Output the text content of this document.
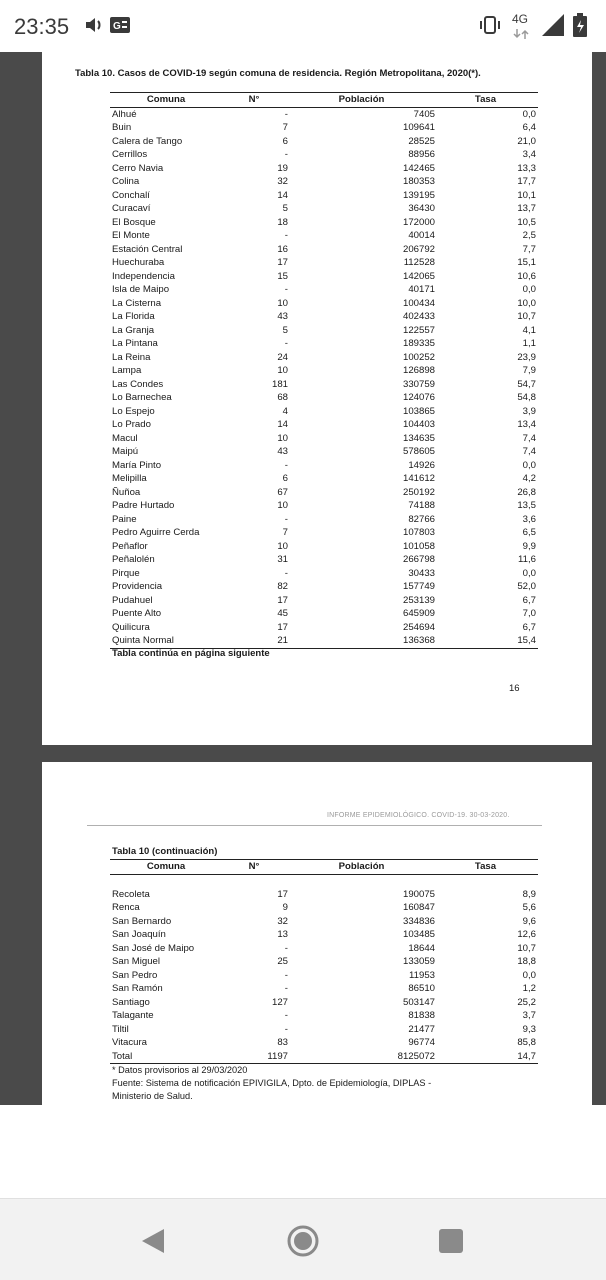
23:35	G
4G
Tabla 10. Casos de COVID-19 según comuna de residencia. Región Metropolitana, 2020(*).
Comuna	N°	Población	Tasa
Alhué	-	7405	0,0
Buin	7	109641	6,4
Calera de Tango	6	28525	21,0
Cerrillos	-	88956	3,4
Cerro Navia	19	142465	13,3
Colina	32	180353	17,7
Conchalí	14	139195	10,1
Curacaví	5	36430	13,7
El Bosque	18	172000	10,5
El Monte	-	40014	2,5
Estación Central	16	206792	7,7
Huechuraba	17	112528	15,1
Independencia	15	142065	10,6
Isla de Maipo	-	40171	0,0
La Cisterna	10	100434	10,0
La Florida	43	402433	10,7
La Granja	5	122557	4,1
La Pintana	-	189335	1,1
La Reina	24	100252	23,9
Lampa	10	126898	7,9
Las Condes	181	330759	54,7
Lo Barnechea	68	124076	54,8
Lo Espejo	4	103865	3,9
Lo Prado	14	104403	13,4
Macul	10	134635	7,4
Maipú	43	578605	7,4
María Pinto	-	14926	0,0
Melipilla	6	141612	4,2
Ñuñoa	67	250192	26,8
Padre Hurtado	10	74188	13,5
Paine	-	82766	3,6
Pedro Aguirre Cerda	7	107803	6,5
Peñaflor	10	101058	9,9
Peñalolén	31	266798	11,6
Pirque	-	30433	0,0
Providencia	82	157749	52,0
Pudahuel	17	253139	6,7
Puente Alto	45	645909	7,0
Quilicura	17	254694	6,7
Quinta Normal	21	136368	15,4
Tabla continúa en página siguiente
16
INFORME EPIDEMIOLÓGICO. COVID-19. 30-03-2020.
Tabla 10 (continuación)
Comuna	N°	Población	Tasa

Recoleta	17	190075	8,9
Renca	9	160847	5,6
San Bernardo	32	334836	9,6
San Joaquín	13	103485	12,6
San José de Maipo	-	18644	10,7
San Miguel	25	133059	18,8
San Pedro	-	11953	0,0
San Ramón	-	86510	1,2
Santiago	127	503147	25,2
Talagante	-	81838	3,7
Tiltil	-	21477	9,3
Vitacura	83	96774	85,8
Total	1197	8125072	14,7
* Datos provisorios al 29/03/2020
Fuente: Sistema de notificación EPIVIGILA, Dpto. de Epidemiología, DIPLAS -
Ministerio de Salud.
